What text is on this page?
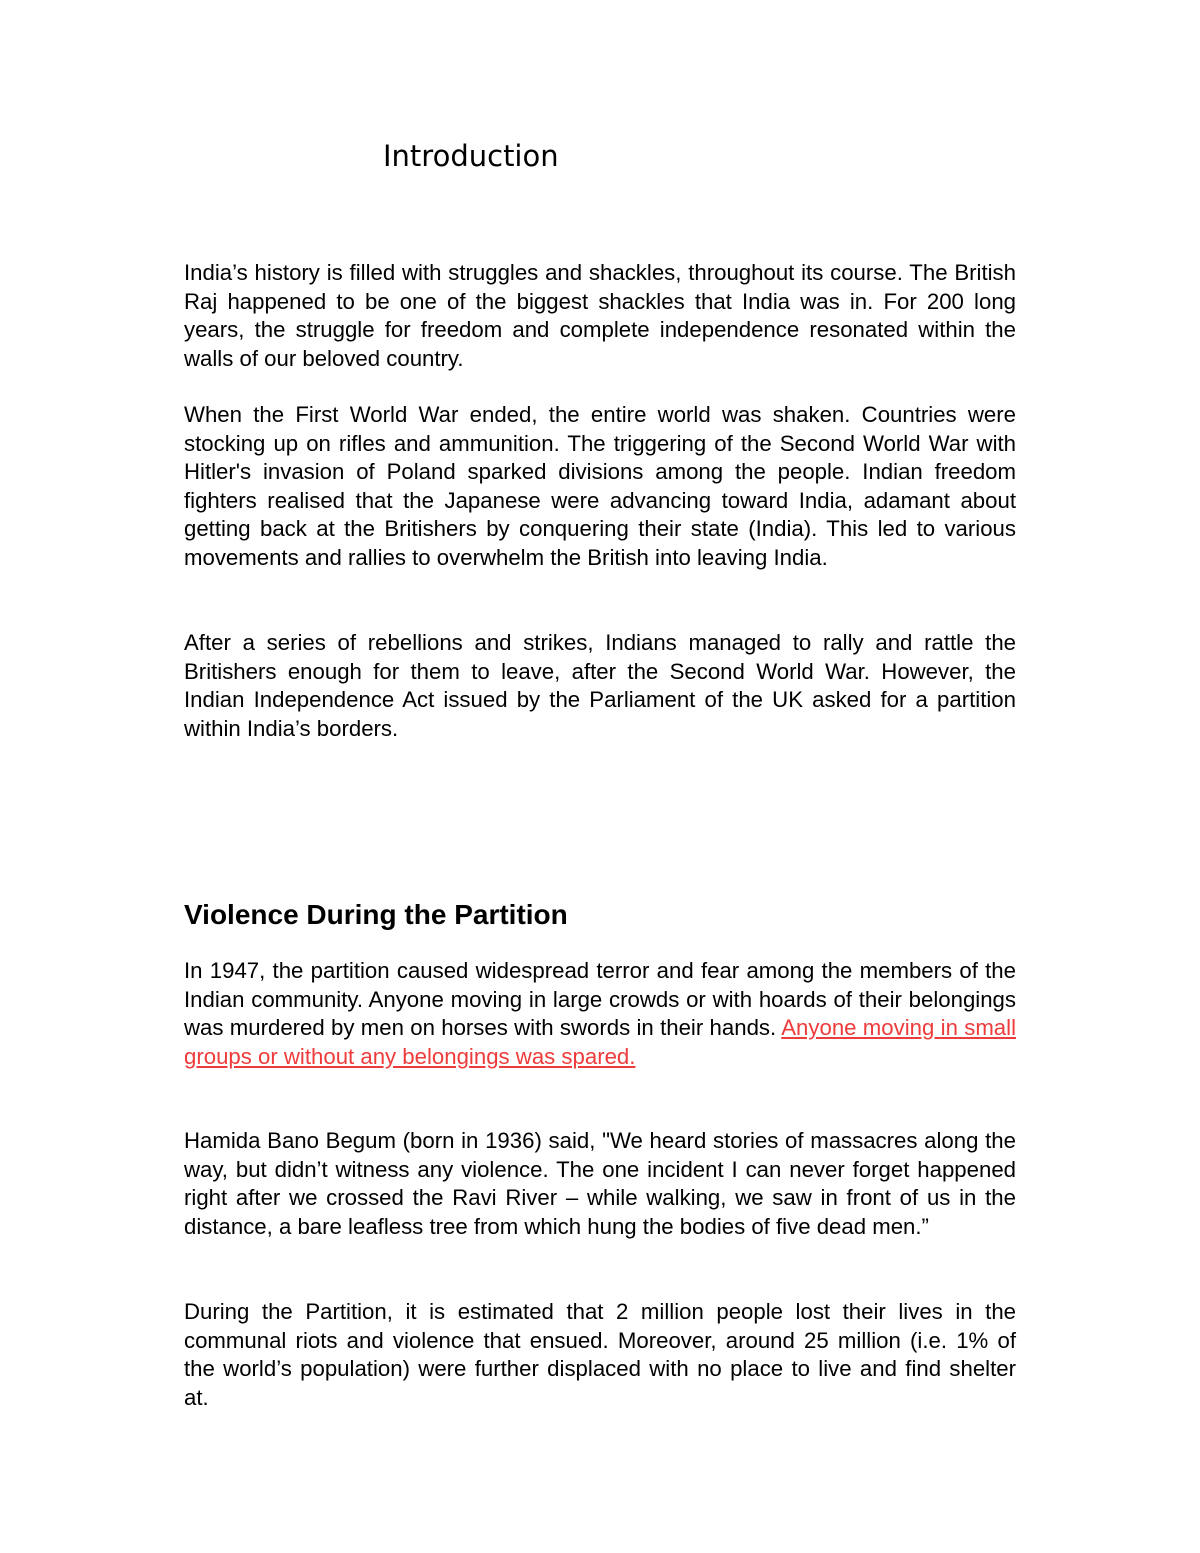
Introduction

India’s history is filled with struggles and shackles, throughout its course. The British Raj happened to be one of the biggest shackles that India was in. For 200 long years, the struggle for freedom and complete independence resonated within the walls of our beloved country.

When the First World War ended, the entire world was shaken. Countries were stocking up on rifles and ammunition. The triggering of the Second World War with Hitler's invasion of Poland sparked divisions among the people. Indian freedom fighters realised that the Japanese were advancing toward India, adamant about getting back at the Britishers by conquering their state (India). This led to various movements and rallies to overwhelm the British into leaving India.

After a series of rebellions and strikes, Indians managed to rally and rattle the Britishers enough for them to leave, after the Second World War. However, the Indian Independence Act issued by the Parliament of the UK asked for a partition within India’s borders.

Violence During the Partition

In 1947, the partition caused widespread terror and fear among the members of the Indian community. Anyone moving in large crowds or with hoards of their belongings was murdered by men on horses with swords in their hands. Anyone moving in small groups or without any belongings was spared.

Hamida Bano Begum (born in 1936) said, "We heard stories of massacres along the way, but didn’t witness any violence. The one incident I can never forget happened right after we crossed the Ravi River – while walking, we saw in front of us in the distance, a bare leafless tree from which hung the bodies of five dead men.”

During the Partition, it is estimated that 2 million people lost their lives in the communal riots and violence that ensued. Moreover, around 25 million (i.e. 1% of the world’s population) were further displaced with no place to live and find shelter at.
